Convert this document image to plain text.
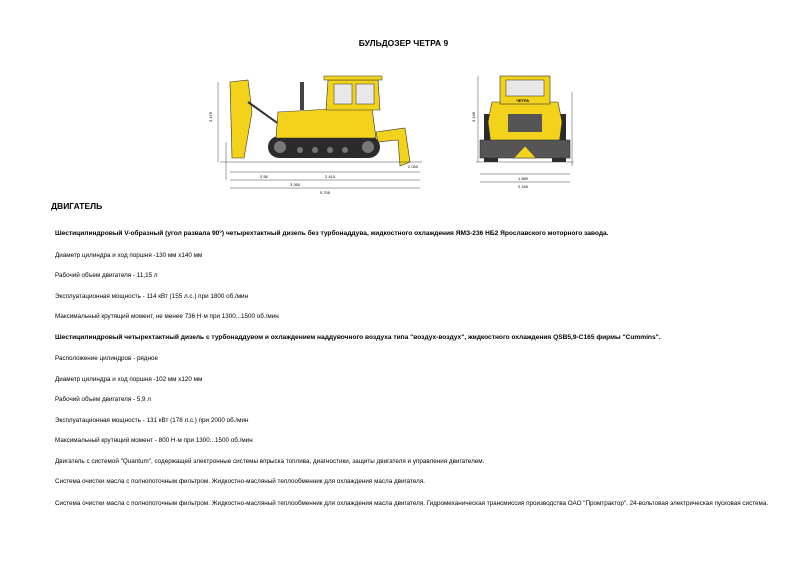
БУЛЬДОЗЕР ЧЕТРА 9
3 476
2 56	2 410
3 260
5 705
2 040
3 146
1 880
2 160
ЧЕТРА
ДВИГАТЕЛЬ
Шестицилиндровый V-образный (угол развала 90°) четырехтактный дизель без турбонаддува, жидкостного охлаждения ЯМЗ-236 НБ2 Ярославского моторного завода.
Диаметр цилиндра и ход поршня -130 мм х140 мм
Рабочий объем двигателя - 11,15 л
Эксплуатационная мощность - 114 кВт (155 л.с.) при 1800 об./мин
Максимальный крутящий момент, не менее 736 Н·м при 1300...1500 об./мин
Шестицилиндровый четырехтактный дизель с турбонаддувом и охлаждением наддувочного воздуха типа "воздух-воздух", жидкостного охлаждения QSB5,9-C165 фирмы "Cummins".
Расположение цилиндров - рядное
Диаметр цилиндра и ход поршня -102 мм х120 мм
Рабочий объем двигателя - 5,9 л
Эксплуатационная мощность - 131 кВт (178 л.с.) при 2000 об./мин
Максимальный крутящий момент - 800 Н·м при 1300...1500 об./мин
Двигатель с системой "Quantum", содержащей электронные системы впрыска топлива, диагностики, защиты двигателя и управления двигателем.
Система очистки масла с полнопоточным фильтром. Жидкостно-масляный теплообменник для охлаждения масла двигателя.
Система очистки масла с полнопоточным фильтром. Жидкостно-масляный теплообменник для охлаждения масла двигателя. Гидромеханическая трансмиссия производства ОАО "Промтрактор". 24-вольтовая электрическая пусковая система.
